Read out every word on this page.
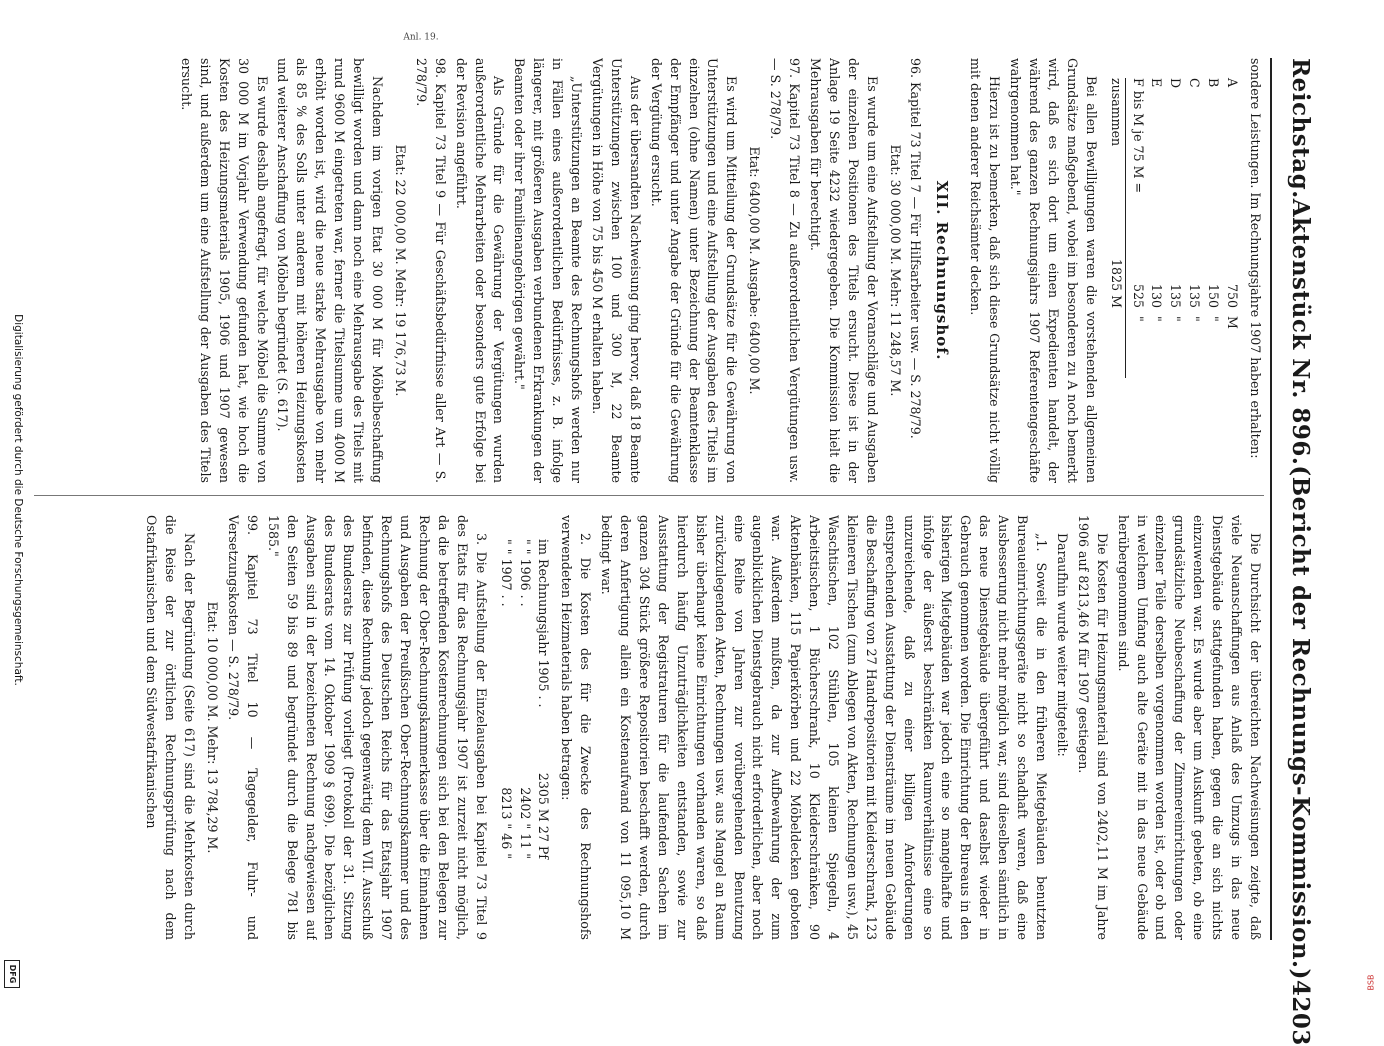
Reichstag.
Aktenstück Nr. 896.
(Bericht der Rechnungs-Kommission.)
4203

sondere Leistungen. Im Rechnungsjahre 1907 haben erhalten:

A
750
M
B
150
"
C
135
"
D
135
"
E
130
"
F bis M je 75 M =
525
"
zusammen
1825 M

Bei allen Bewilligungen waren die vorstehenden allgemeinen Grundsätze maßgebend, wobei im besonderen zu A noch bemerkt wird, daß es sich dort um einen Expedienten handelt, der während des ganzen Rechnungsjahrs 1907 Referentengeschäfte wahrgenommen hat."

Hierzu ist zu bemerken, daß sich diese Grundsätze nicht völlig mit denen anderer Reichsämter decken.

XII. Rechnungshof.

96. Kapitel 73 Titel 7 — Für Hilfsarbeiter usw. — S. 278/79.

Etat: 30 000,00 M. Mehr: 11 248,57 M.

Es wurde um eine Aufstellung der Voranschläge und Ausgaben der einzelnen Positionen des Titels ersucht. Diese ist in der Anlage 19 Seite 4232 wiedergegeben. Die Kommission hielt die Mehrausgaben für berechtigt.

97. Kapitel 73 Titel 8 — Zu außerordentlichen Vergütungen usw. — S. 278/79.

Etat: 6400,00 M. Ausgabe: 6400,00 M.

Es wird um Mitteilung der Grundsätze für die Gewährung von Unterstützungen und eine Aufstellung der Ausgaben des Titels im einzelnen (ohne Namen) unter Bezeichnung der Beamtenklasse der Empfänger und unter Angabe der Gründe für die Gewährung der Vergütung ersucht.

Aus der übersandten Nachweisung ging hervor, daß 18 Beamte Unterstützungen zwischen 100 und 300 M, 22 Beamte Vergütungen in Höhe von 75 bis 450 M erhalten haben.

„Unterstützungen an Beamte des Rechnungshofs werden nur in Fällen eines außerordentlichen Bedürfnisses, z. B. infolge längerer, mit größeren Ausgaben verbundenen Erkrankungen der Beamten oder ihrer Familienangehörigen gewährt."

Als Gründe für die Gewährung der Vergütungen wurden außerordentliche Mehrarbeiten oder besonders gute Erfolge bei der Revision angeführt.

98. Kapitel 73 Titel 9 — Für Geschäftsbedürfnisse aller Art — S. 278/79.

Etat: 22 000,00 M. Mehr: 19 176,73 M.

Nachdem im vorigen Etat 30 000 M für Möbelbeschaffung bewilligt worden und dann noch eine Mehrausgabe des Titels mit rund 9600 M eingetreten war, ferner die Titelsumme um 4000 M erhöht worden ist, wird die neue starke Mehrausgabe von mehr als 85 % des Solls unter anderem mit höheren Heizungskosten und weiterer Anschaffung von Möbeln begründet (S. 617).

Es wurde deshalb angefragt, für welche Möbel die Summe von 30 000 M im Vorjahr Verwendung gefunden hat, wie hoch die Kosten des Heizungsmaterials 1905, 1906 und 1907 gewesen sind, und außerdem um eine Aufstellung der Ausgaben des Titels ersucht.

Anl. 19.

Die Durchsicht der übereichten Nachweisungen zeigte, daß viele Neuanschaffungen aus Anlaß des Umzugs in das neue Dienstgebäude stattgefunden haben, gegen die an sich nichts einzuwenden war. Es wurde aber um Auskunft gebeten, ob eine grundsätzliche Neubeschaffung der Zimmereinrichtungen oder einzelner Teile derselben vorgenommen worden ist, oder ob und in welchem Umfang auch alte Geräte mit in das neue Gebäude herübergenommen sind.

Die Kosten für Heizungsmaterial sind von 2402,11 M im Jahre 1906 auf 8213,46 M für 1907 gestiegen.

Daraufhin wurde weiter mitgeteilt:

„1. Soweit die in den früheren Mietgebäuden benutzten Bureaueinrichtungsgeräte nicht so schadhaft waren, daß eine Ausbesserung nicht mehr möglich war, sind dieselben sämtlich in das neue Dienstgebäude übergeführt und daselbst wieder in Gebrauch genommen worden. Die Einrichtung der Bureaus in den bisherigen Mietgebäuden war jedoch eine so mangelhafte und infolge der äußerst beschränkten Raumverhältnisse eine so unzureichende, daß zu einer billigen Anforderungen entsprechenden Ausstattung der Diensträume im neuen Gebäude die Beschaffung von 27 Handrepositorien mit Kleiderschrank, 123 kleineren Tischen (zum Ablegen von Akten, Rechnungen usw.), 45 Waschtischen, 102 Stühlen, 105 kleinen Spiegeln, 4 Arbeitstischen, 1 Bücherschrank, 10 Kleiderschränken, 90 Aktenbänken, 115 Papierkörben und 22 Möbeldecken geboten war. Außerdem mußten, da zur Aufbewahrung der zum augenblicklichen Dienstgebrauch nicht erforderlichen, aber noch eine Reihe von Jahren zur vorübergehenden Benutzung zurückzulegenden Akten, Rechnungen usw. aus Mangel an Raum bisher überhaupt keine Einrichtungen vorhanden waren, so daß hierdurch häufig Unzuträglichkeiten entstanden, sowie zur Ausstattung der Registraturen für die laufenden Sachen im ganzen 304 Stück größere Repositorien beschafft werden, durch deren Anfertigung allein ein Kostenaufwand von 11 095,10 M bedingt war.

2. Die Kosten des für die Zwecke des Rechnungshofs verwendeten Heizmaterials haben betragen:

im Rechnungsjahr 1905 . .
2305 M 27 Pf
" " 1906 . .
2402 " 11 "
" " 1907 . .
8213 " 46 "

3. Die Aufstellung der Einzelausgaben bei Kapitel 73 Titel 9 des Etats für das Rechnungsjahr 1907 ist zurzeit nicht möglich, da die betreffenden Kostenrechnungen sich bei den Belegen zur Rechnung der Ober-Rechnungskammerkasse über die Einnahmen und Ausgaben der Preußischen Ober-Rechnungskammer und des Rechnungshofs des Deutschen Reichs für das Etatsjahr 1907 befinden, diese Rechnung jedoch gegenwärtig dem VII. Ausschuß des Bundesrats zur Prüfung vorliegt (Protokoll der 31. Sitzung des Bundesrats vom 14. Oktober 1909 § 699). Die bezüglichen Ausgaben sind in der bezeichneten Rechnung nachgewiesen auf den Seiten 59 bis 89 und begründet durch die Belege 781 bis 1585."

99. Kapitel 73 Titel 10 — Tagegelder, Fuhr- und Versetzungskosten — S. 278/79.

Etat: 10 000,00 M. Mehr: 13 784,29 M.

Nach der Begründung (Seite 617) sind die Mehrkosten durch die Reise der zur örtlichen Rechnungsprüfung nach dem Ostafrikanischen und dem Südwestafrikanischen

Digitalisierung gefördert durch die Deutsche Forschungsgemeinschaft.
DFG	BSB
